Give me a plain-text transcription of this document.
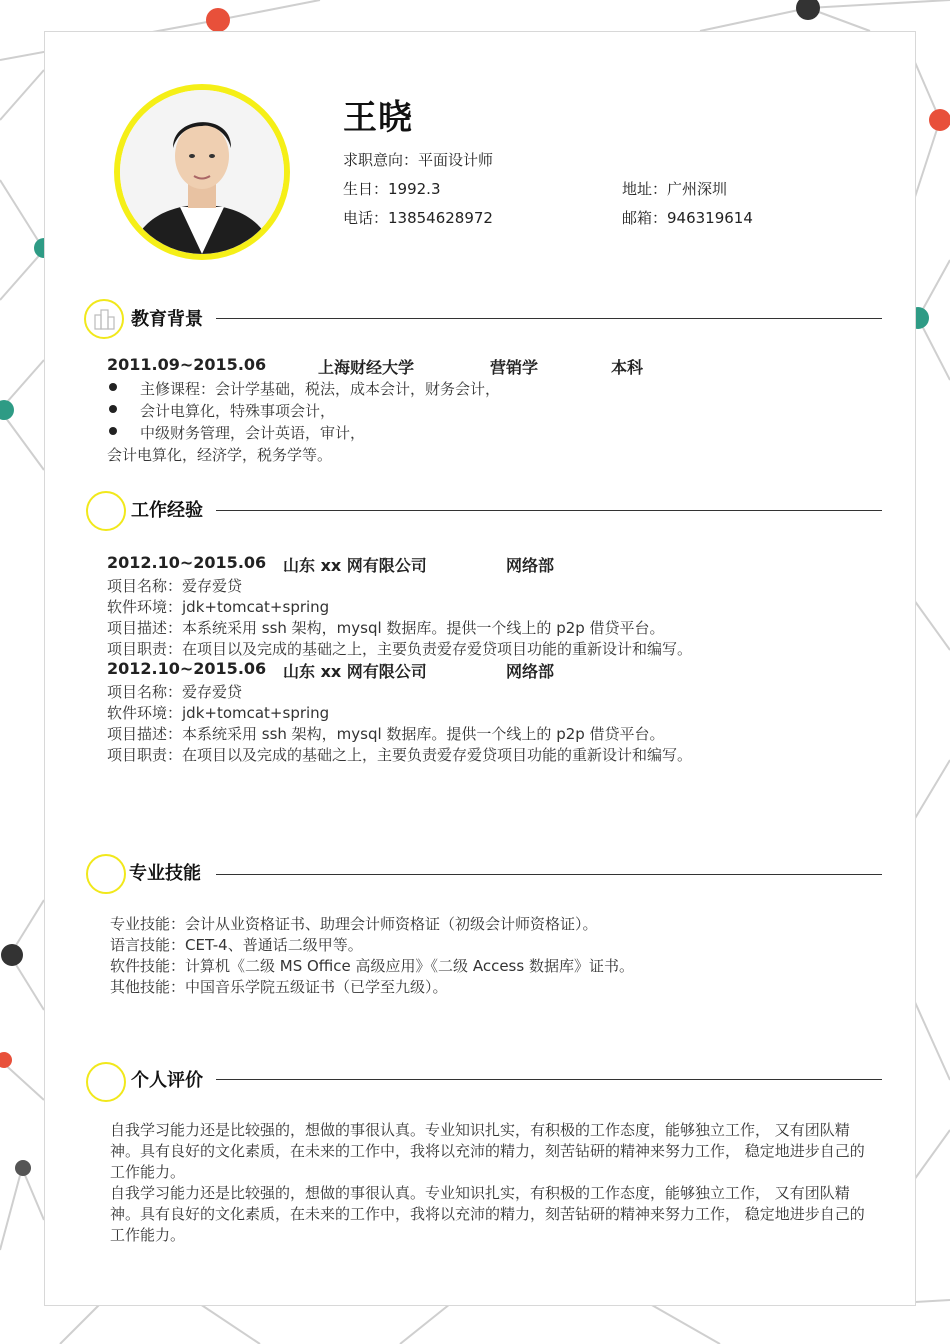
王晓
求职意向：平面设计师
生日：1992.3	地址：广州深圳
电话：13854628972	邮箱：946319614
教育背景
2011.09~2015.06	上海财经大学	营销学	本科
主修课程：会计学基础，税法，成本会计，财务会计，
会计电算化，特殊事项会计，
中级财务管理，会计英语，审计，
会计电算化，经济学，税务学等。
工作经验
2012.10~2015.06 山东 xx 网有限公司	网络部
项目名称：爱存爱贷
软件环境：jdk+tomcat+spring
项目描述：本系统采用 ssh 架构，mysql 数据库。提供一个线上的 p2p 借贷平台。
项目职责：在项目以及完成的基础之上，主要负责爱存爱贷项目功能的重新设计和编写。
2012.10~2015.06 山东 xx 网有限公司	网络部
项目名称：爱存爱贷
软件环境：jdk+tomcat+spring
项目描述：本系统采用 ssh 架构，mysql 数据库。提供一个线上的 p2p 借贷平台。
项目职责：在项目以及完成的基础之上，主要负责爱存爱贷项目功能的重新设计和编写。
专业技能
专业技能：会计从业资格证书、助理会计师资格证（初级会计师资格证）。
语言技能：CET-4、普通话二级甲等。
软件技能：计算机《二级 MS Office 高级应用》《二级 Access 数据库》证书。
其他技能：中国音乐学院五级证书（已学至九级）。
个人评价
自我学习能力还是比较强的，想做的事很认真。专业知识扎实，有积极的工作态度，能够独立工作， 又有团队精神。具有良好的文化素质，在未来的工作中，我将以充沛的精力，刻苦钻研的精神来努力工作， 稳定地进步自己的工作能力。
自我学习能力还是比较强的，想做的事很认真。专业知识扎实，有积极的工作态度，能够独立工作， 又有团队精神。具有良好的文化素质，在未来的工作中，我将以充沛的精力，刻苦钻研的精神来努力工作， 稳定地进步自己的工作能力。
